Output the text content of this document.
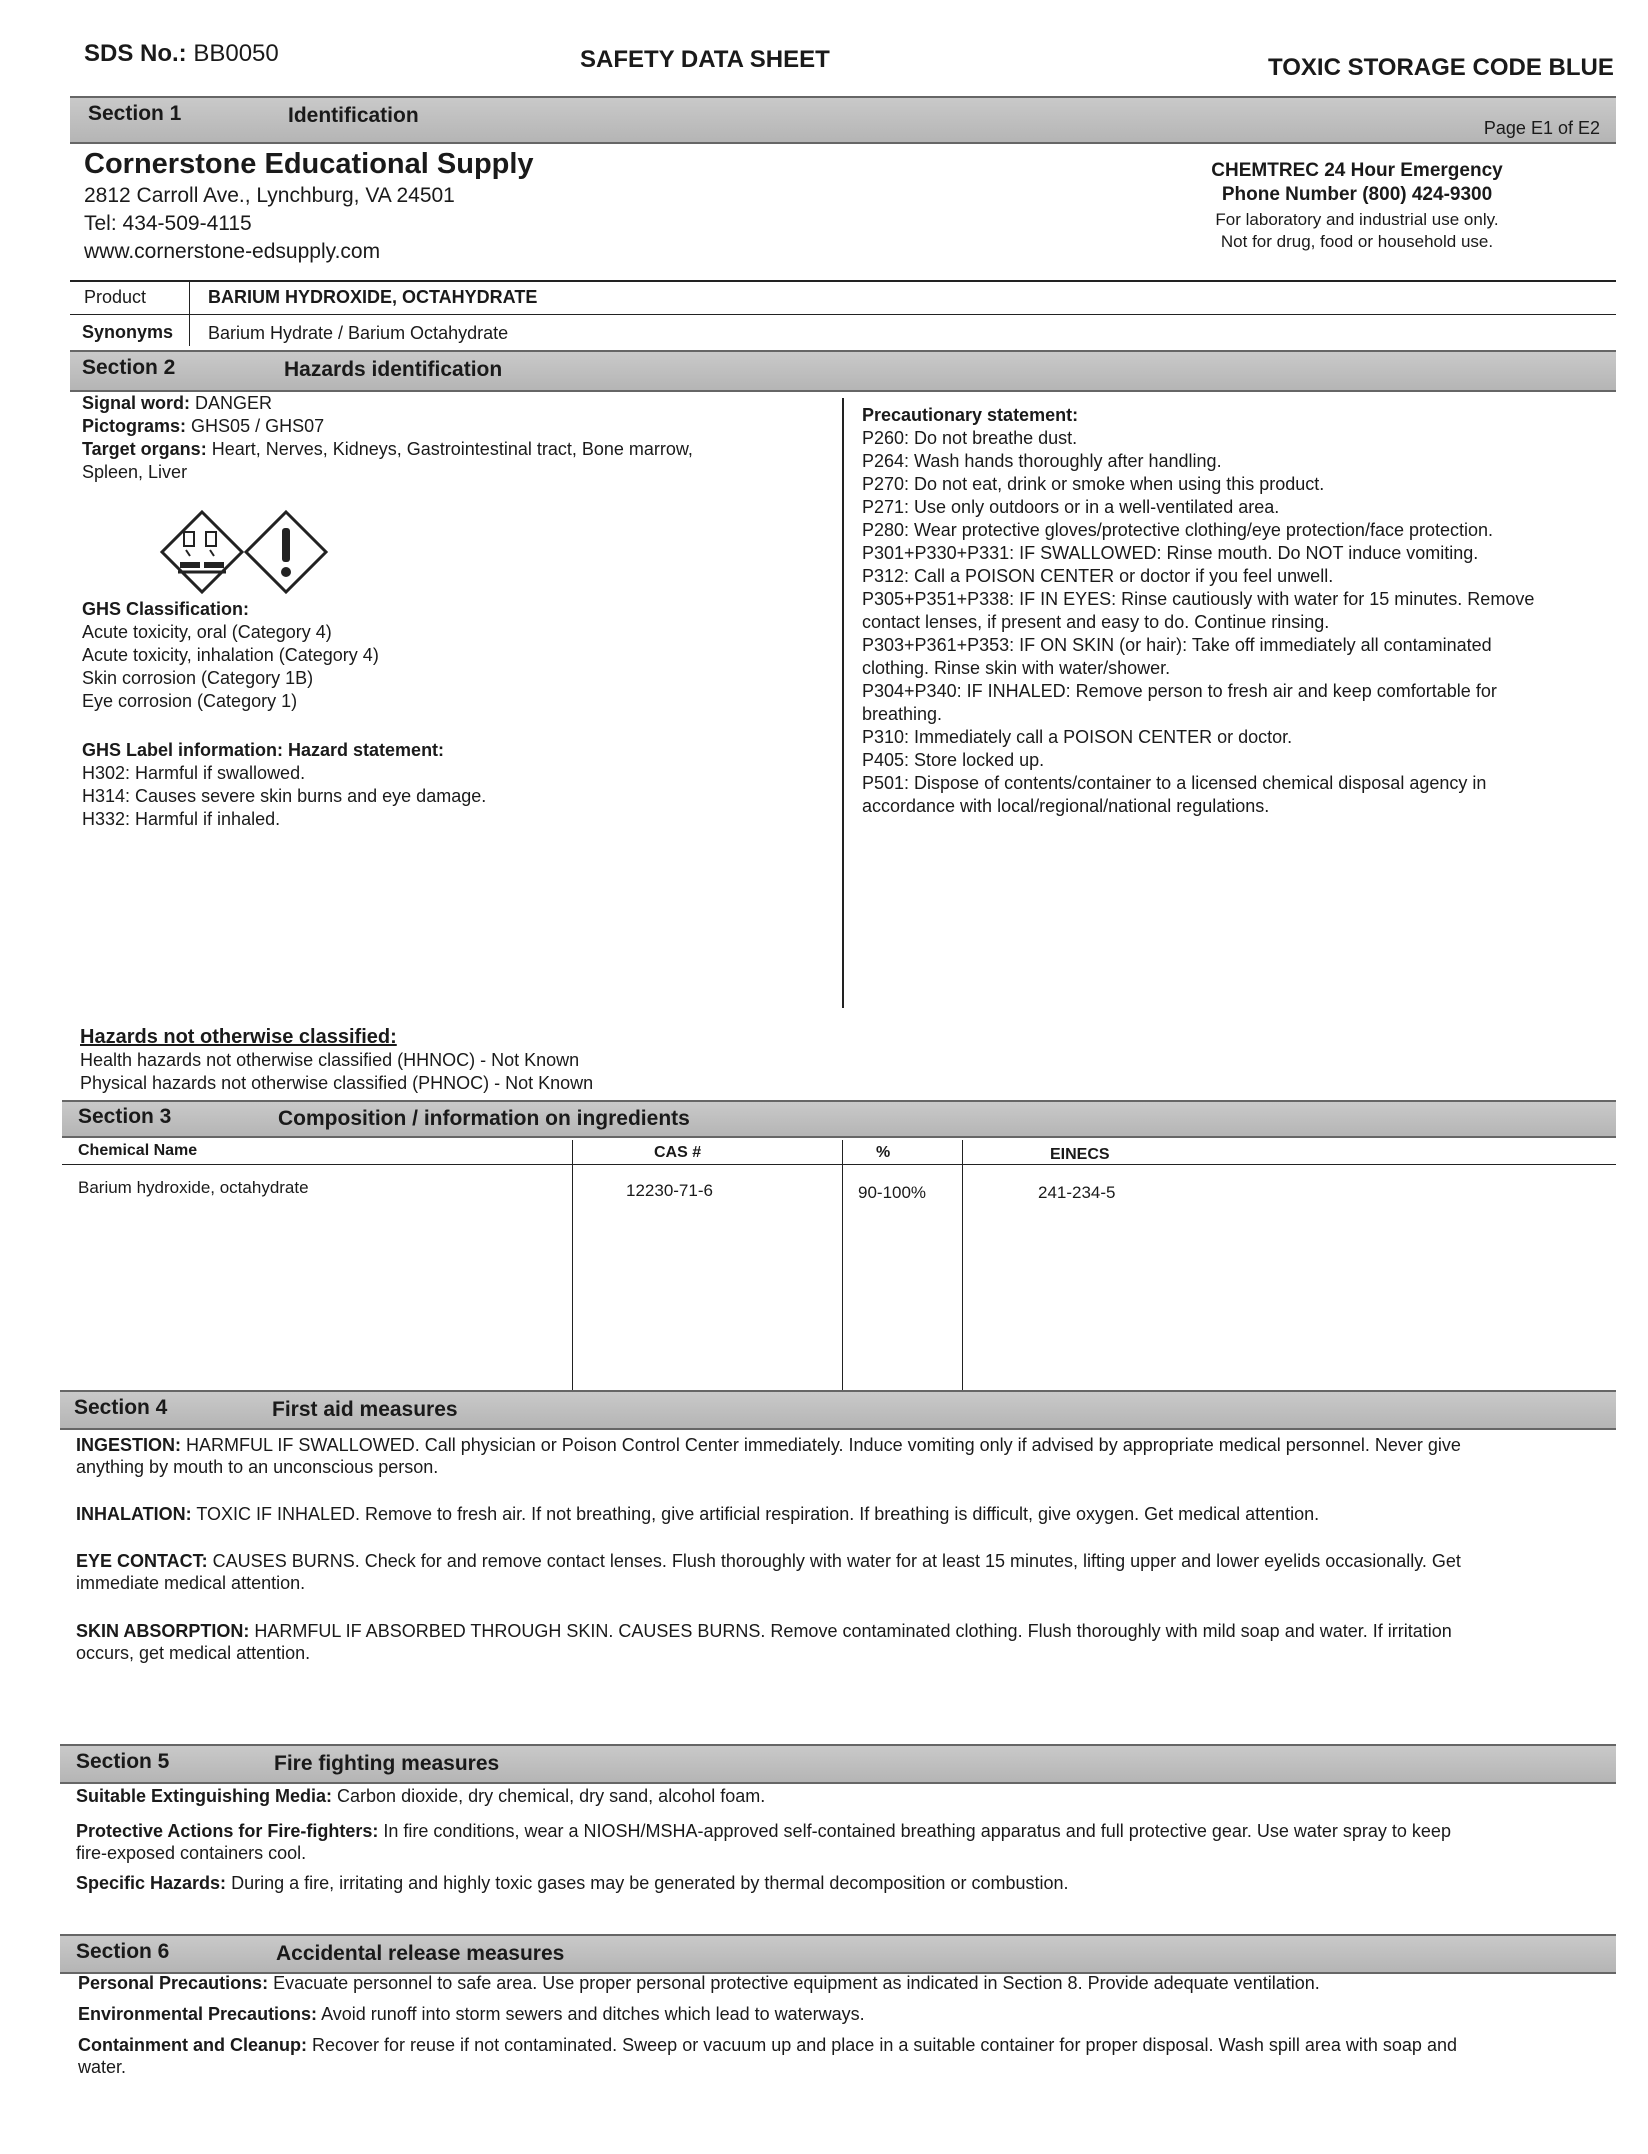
SDS No.: BB0050	SAFETY DATA SHEET	TOXIC STORAGE CODE BLUE
Section 1	Identification
Page E1 of E2
Cornerstone Educational Supply
2812 Carroll Ave., Lynchburg, VA 24501
Tel: 434-509-4115
www.cornerstone-edsupply.com
CHEMTREC 24 Hour Emergency
Phone Number (800) 424-9300
For laboratory and industrial use only.
Not for drug, food or household use.
Product	BARIUM HYDROXIDE, OCTAHYDRATE
Synonyms Barium Hydrate / Barium Octahydrate
Section 2	Hazards identification
Signal word: DANGER
Pictograms: GHS05 / GHS07
Target organs: Heart, Nerves, Kidneys, Gastrointestinal tract, Bone marrow,
Spleen, Liver
GHS Classification:
Acute toxicity, oral (Category 4)
Acute toxicity, inhalation (Category 4)
Skin corrosion (Category 1B)
Eye corrosion (Category 1)
GHS Label information: Hazard statement:
H302: Harmful if swallowed.
H314: Causes severe skin burns and eye damage.
H332: Harmful if inhaled.
Precautionary statement:
P260: Do not breathe dust.
P264: Wash hands thoroughly after handling.
P270: Do not eat, drink or smoke when using this product.
P271: Use only outdoors or in a well-ventilated area.
P280: Wear protective gloves/protective clothing/eye protection/face protection.
P301+P330+P331: IF SWALLOWED: Rinse mouth. Do NOT induce vomiting.
P312: Call a POISON CENTER or doctor if you feel unwell.
P305+P351+P338: IF IN EYES: Rinse cautiously with water for 15 minutes. Remove
contact lenses, if present and easy to do. Continue rinsing.
P303+P361+P353: IF ON SKIN (or hair): Take off immediately all contaminated
clothing. Rinse skin with water/shower.
P304+P340: IF INHALED: Remove person to fresh air and keep comfortable for
breathing.
P310: Immediately call a POISON CENTER or doctor.
P405: Store locked up.
P501: Dispose of contents/container to a licensed chemical disposal agency in
accordance with local/regional/national regulations.
Hazards not otherwise classified:
Health hazards not otherwise classified (HHNOC) - Not Known
Physical hazards not otherwise classified (PHNOC) - Not Known
Section 3	Composition / information on ingredients
Chemical Name	CAS #	%	EINECS
Barium hydroxide, octahydrate	12230-71-6	90-100%	241-234-5
Section 4	First aid measures
INGESTION: HARMFUL IF SWALLOWED. Call physician or Poison Control Center immediately. Induce vomiting only if advised by appropriate medical personnel. Never give
anything by mouth to an unconscious person.
INHALATION: TOXIC IF INHALED. Remove to fresh air. If not breathing, give artificial respiration. If breathing is difficult, give oxygen. Get medical attention.
EYE CONTACT: CAUSES BURNS. Check for and remove contact lenses. Flush thoroughly with water for at least 15 minutes, lifting upper and lower eyelids occasionally. Get
immediate medical attention.
SKIN ABSORPTION: HARMFUL IF ABSORBED THROUGH SKIN. CAUSES BURNS. Remove contaminated clothing. Flush thoroughly with mild soap and water. If irritation
occurs, get medical attention.
Section 5	Fire fighting measures
Suitable Extinguishing Media: Carbon dioxide, dry chemical, dry sand, alcohol foam.
Protective Actions for Fire-fighters: In fire conditions, wear a NIOSH/MSHA-approved self-contained breathing apparatus and full protective gear. Use water spray to keep
fire-exposed containers cool.
Specific Hazards: During a fire, irritating and highly toxic gases may be generated by thermal decomposition or combustion.
Section 6	Accidental release measures
Personal Precautions: Evacuate personnel to safe area. Use proper personal protective equipment as indicated in Section 8. Provide adequate ventilation.
Environmental Precautions: Avoid runoff into storm sewers and ditches which lead to waterways.
Containment and Cleanup: Recover for reuse if not contaminated. Sweep or vacuum up and place in a suitable container for proper disposal. Wash spill area with soap and
water.
